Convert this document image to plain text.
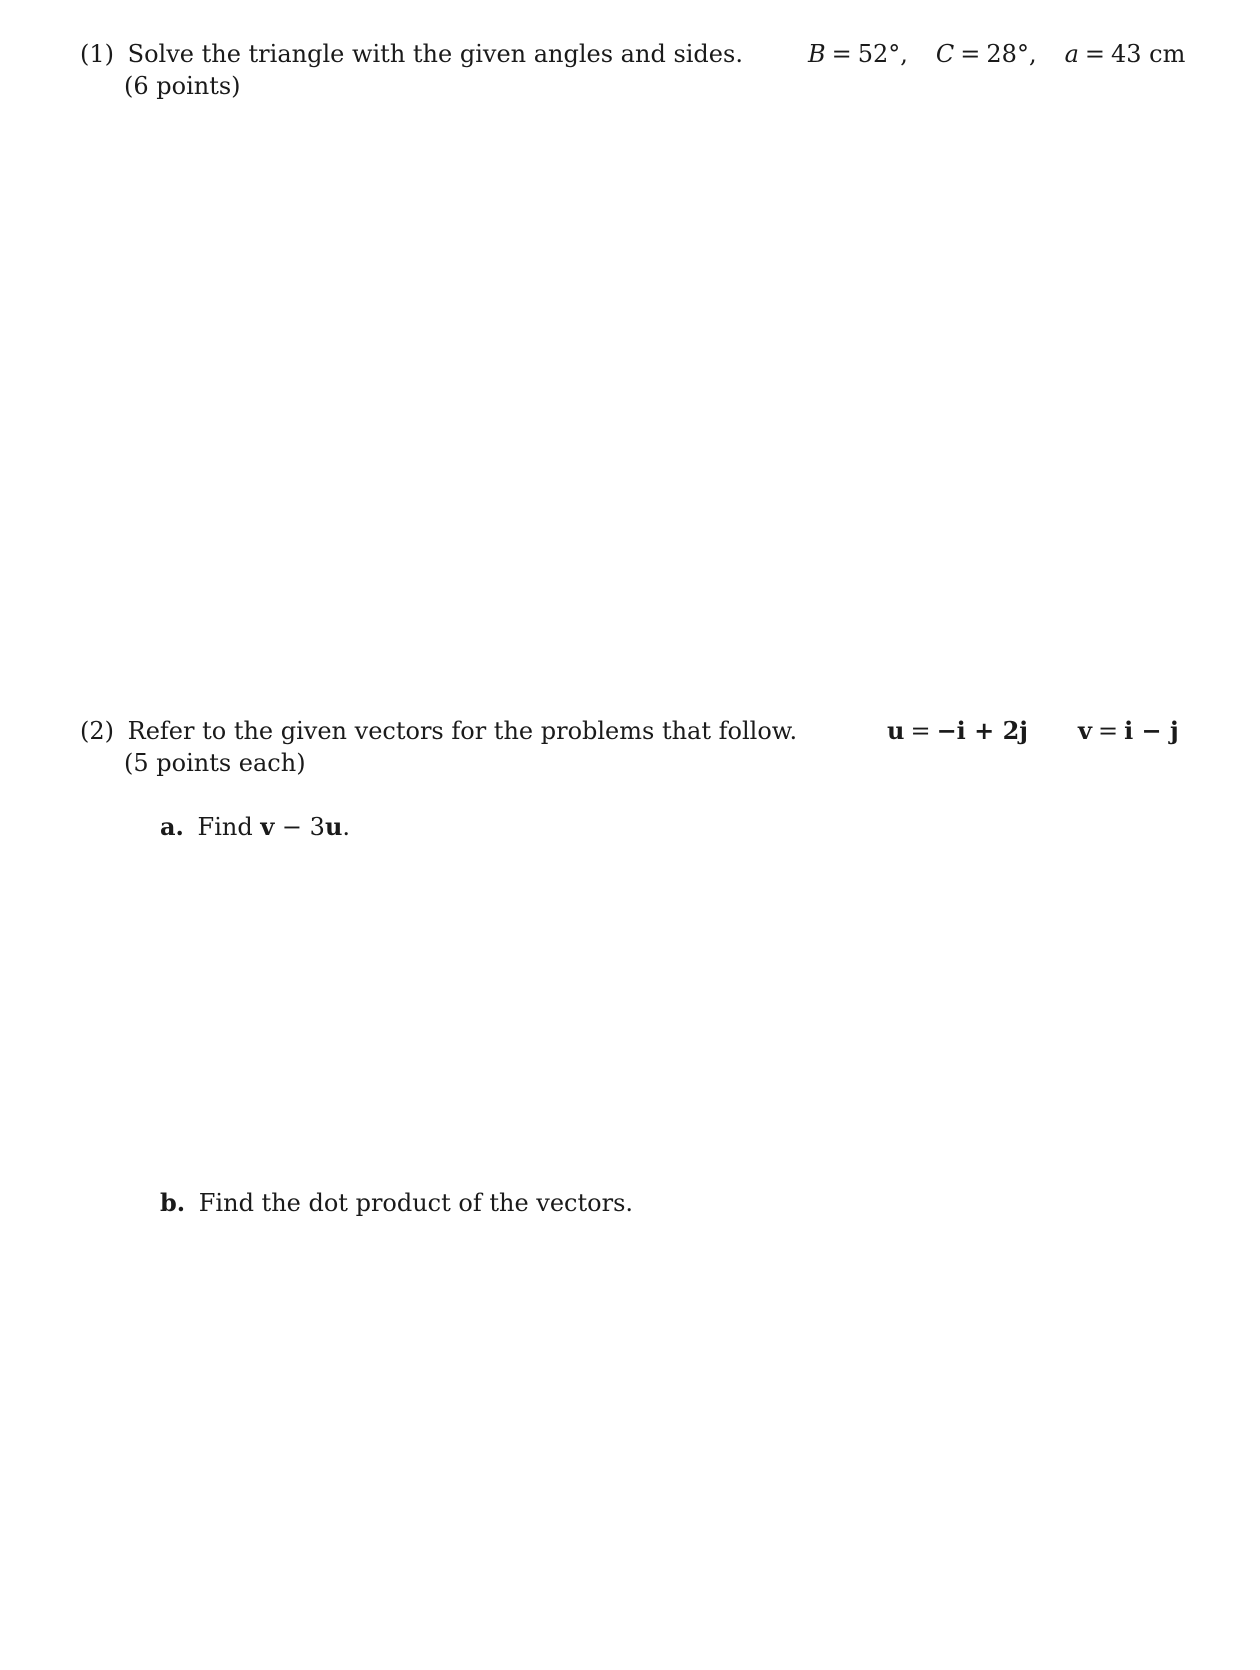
(1) Solve the triangle with the given angles and sides.
(6 points)
B = 52°, C = 28°, a = 43 cm
(2) Refer to the given vectors for the problems that follow.
(5 points each)
u = −i + 2j v = i − j
a. Find v − 3u.
b. Find the dot product of the vectors.
